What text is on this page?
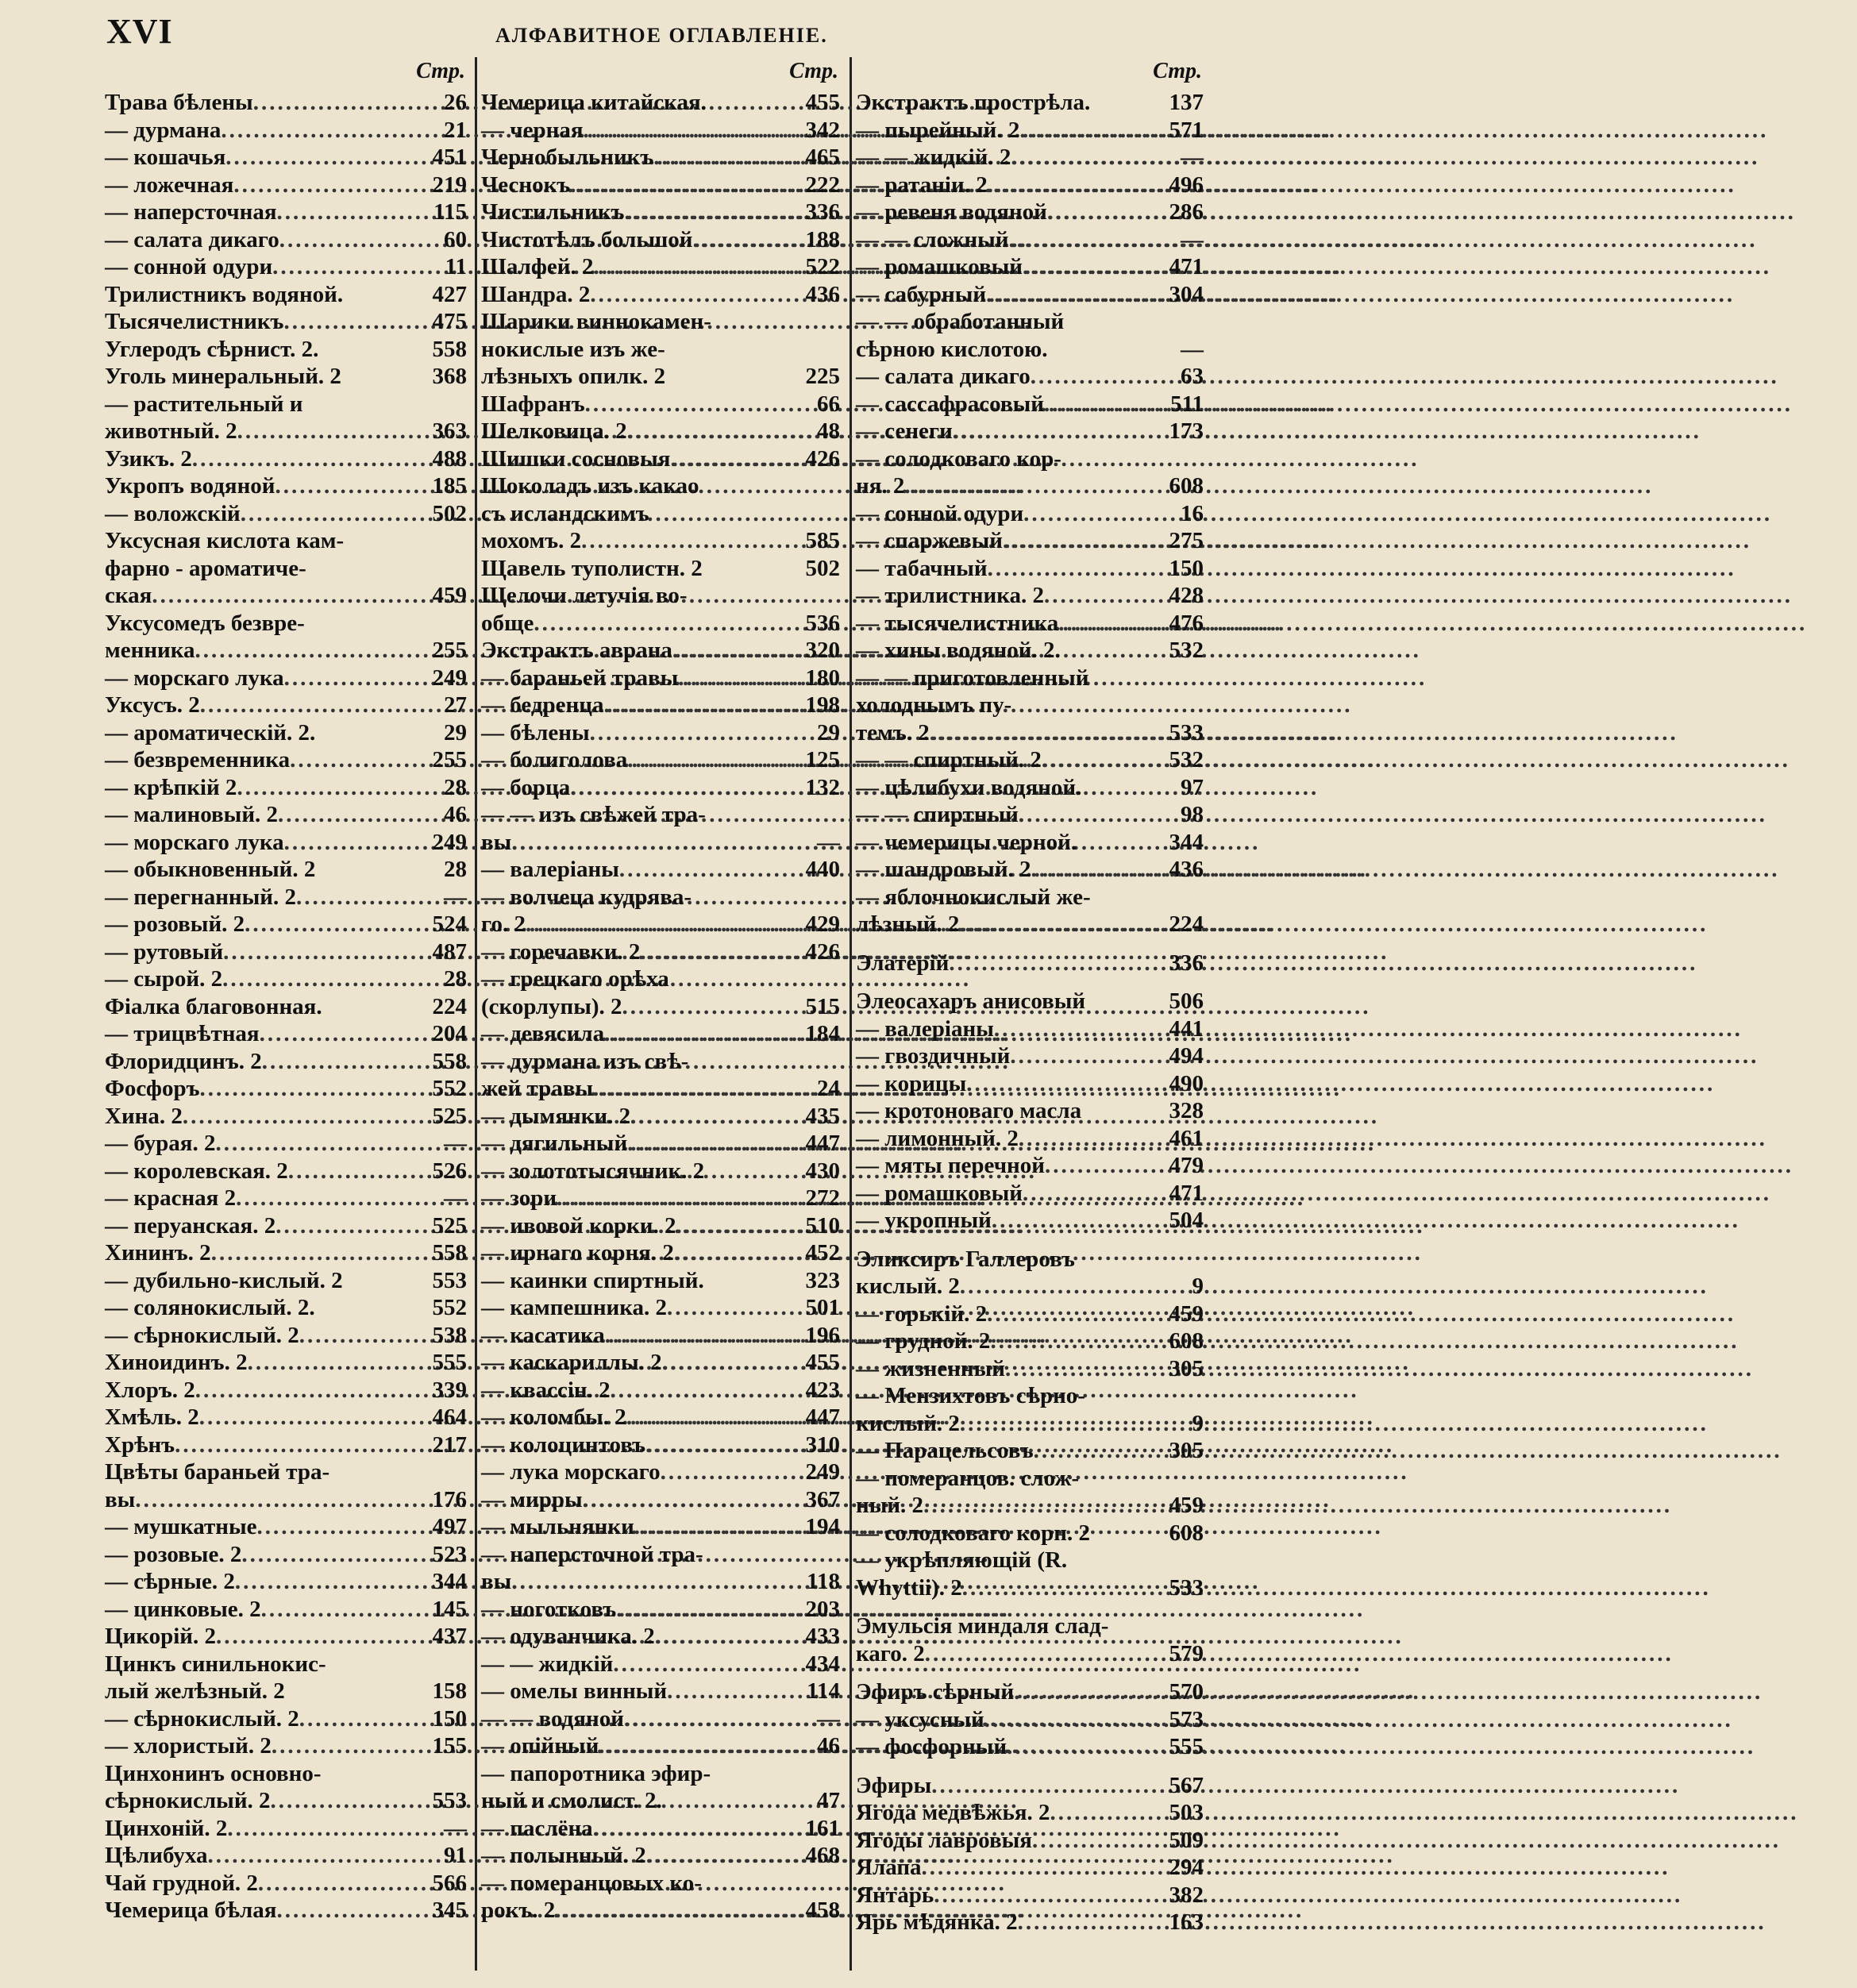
XVI	АЛФАВИТНОЕ ОГЛАВЛЕНІЕ.
Стр.
Трава бѣлены .....	26
— дурмана .....	21
— кошачья .....	451
— ложечная .....	219
— наперсточная .....	115
— салата дикаго .....	60
— сонной одури .....	11
Трилистникъ водяной.	427
Тысячелистникъ .....	475
Углеродъ сѣрнист. 2.	558
Уголь минеральный. 2	368
— растительный и
животный. 2 .....	363
Узикъ. 2 .....	488
Укропъ водяной .....	185
— воложскій .....	502
Уксусная кислота кам-
фарно - ароматиче-
ская .....	459
Уксусомедъ безвре-
менника .....	255
— морскаго лука .....	249
Уксусъ. 2 .....	27
— ароматическій. 2.	29
— безвременника .....	255
— крѣпкій 2 .....	28
— малиновый. 2 .....	46
— морскаго лука .....	249
— обыкновенный. 2	28
— перегнанный. 2 .....	—
— розовый. 2 .....	524
— рутовый .....	487
— сырой. 2 .....	28
Фіалка благовонная.	224
— трицвѣтная .....	204
Флоридцинъ. 2 .....	558
Фосфоръ .....	552
Хина. 2 .....	525
— бурая. 2 .....	—
— королевская. 2 .....	526
— красная 2 .....	—
— перуанская. 2 .....	525
Хининъ. 2 .....	558
— дубильно-кислый. 2	553
— солянокислый. 2.	552
— сѣрнокислый. 2 .....	538
Хиноидинъ. 2 .....	555
Хлоръ. 2 .....	339
Хмѣль. 2 .....	464
Хрѣнъ .....	217
Цвѣты бараньей тра-
вы .....	176
— мушкатные .....	497
— розовые. 2 .....	523
— сѣрные. 2 .....	344
— цинковые. 2 .....	145
Цикорій. 2 .....	437
Цинкъ синильнокис-
лый желѣзный. 2	158
— сѣрнокислый. 2 .....	150
— хлористый. 2 .....	155
Цинхонинъ основно-
сѣрнокислый. 2 .....	553
Цинхоній. 2 .....	—
Цѣлибуха .....	91
Чай грудной. 2 .....	566
Чемерица бѣлая .....	345
Стр.
Чемерица китайская.	455
— черная .....	342
Чернобыльникъ .....	465
Чеснокъ .....	222
Чистильникъ .....	336
Чистотѣлъ большой .....	188
Шалфей. 2 .....	522
Шандра. 2 .....	436
Шарики виннокамен-
нокислые изъ же-
лѣзныхъ опилк. 2	225
Шафранъ .....	66
Шелковица. 2 .....	48
Шишки сосновыя .....	426
Шоколадъ изъ какао
съ исландскимъ
мохомъ. 2 .....	585
Щавель туполистн. 2	502
Щелочи летучія во-
обще .....	536
Экстрактъ аврана .....	320
— бараньей травы .....	180
— бедренца .....	198
— бѣлены .....	29
— болиголова .....	125
— борца .....	132
— — изъ свѣжей тра-
вы .....	—
— валеріаны .....	440
— волчеца кудрява-
го. 2 .....	429
— горечавки. 2 .....	426
— грецкаго орѣха
(скорлупы). 2 .....	515
— девясила .....	184
— дурмана изъ свѣ-
жей травы .....	24
— дымянки. 2 .....	435
— дягильный .....	447
— золототысячник. 2	430
— зори .....	272
— ивовой корки. 2 .....	510
— ирнаго корня. 2 .....	452
— каинки спиртный.	323
— кампешника. 2 .....	501
— касатика .....	196
— каскариллы. 2 .....	455
— квассін. 2 .....	423
— коломбы. 2 .....	447
— колоцинтовъ .....	310
— лука морскаго .....	249
— мирры .....	367
— мыльнянки .....	194
— наперсточной тра-
вы .....	118
— ноготковъ .....	203
— одуванчика. 2 .....	433
— — жидкій .....	434
— омелы винный .....	114
— — водяной .....	—
— опійный .....	46
— папоротника эфир-
ный и смолист. 2.	47
— паслёна .....	161
— полынный. 2 .....	468
— померанцовых ко-
рокъ. 2 .....	458
Стр.
Экстрактъ прострѣла.	137
— пырейный. 2 .....	571
— — жидкій. 2 .....	—
— ратаніи. 2 .....	496
— ревеня водяной .....	286
— — сложный .....	—
— ромашковый .....	471
— сабурный .....	304
— — обработанный
сѣрною кислотою.	—
— салата дикаго .....	63
— сассафрасовый .....	511
— сенеги .....	173
— солодковаго кор-
ня. 2 .....	608
— сонной одури .....	16
— спаржевый .....	275
— табачный .....	150
— трилистника. 2 .....	428
— тысячелистника .....	476
— хины водяной. 2.	532
— — приготовленный
холоднымъ пу-
темъ. 2 .....	533
— — спиртный. 2 .....	532
— цѣлибухи водяной.	97
— — спиртный .....	98
— чемерицы черной.	344
— шандровый. 2 .....	436
— яблочнокислый же-
лѣзный. 2 .....	224
Элатерій .....	336
Элеосахаръ анисовый	506
— валеріаны .....	441
— гвоздичный .....	494
— корицы .....	490
— кротоноваго масла	328
— лимонный. 2 .....	461
— мяты перечной .....	479
— ромашковый .....	471
— укропный .....	504
Эликсиръ Галлеровъ
кислый. 2 .....	9
— горькій. 2 .....	459
— грудной. 2 .....	608
— жизненный .....	305
— Мензихтовъ сѣрно-
кислый. 2 .....	9
— Парацельсовъ .....	305
— померанцов. слож-
ный. 2 .....	459
— солодковаго корн. 2	608
— укрѣпляющій (R.
Whyttii). 2 .....	533
Эмульсія миндаля слад-
каго. 2 .....	579
Эфиръ сѣрный .....	570
— уксусный .....	573
— фосфорный .....	555
Эфиры .....	567
Ягода медвѣжья. 2 .....	503
Ягоды лавровыя .....	509
Ялапа .....	294
Янтарь .....	382
Ярь мѣдянка. 2 .....	163
